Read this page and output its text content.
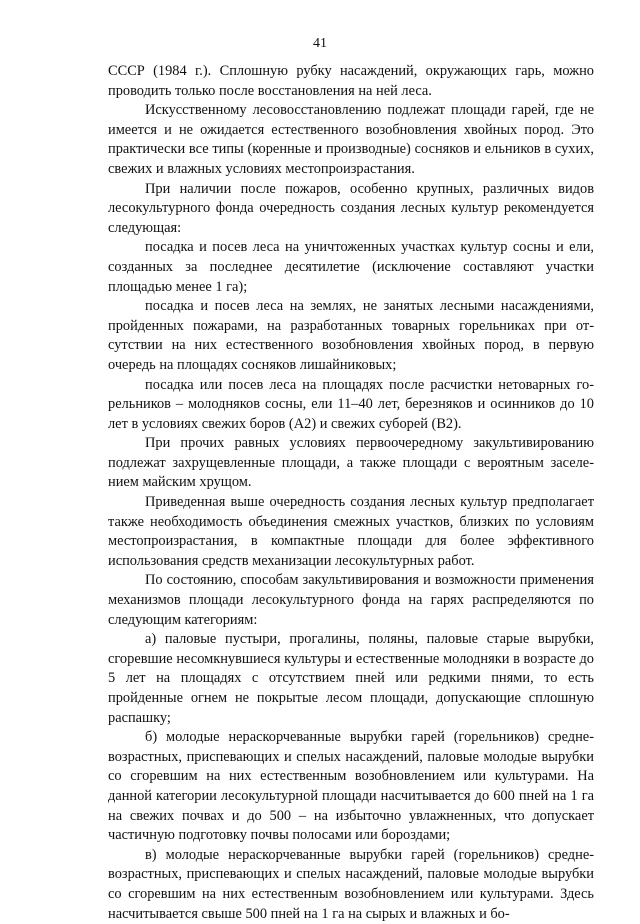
41

СССР (1984 г.). Сплошную рубку насаждений, окружающих гарь, можно проводить только после восстановления на ней леса.

Искусственному лесовосстановлению подлежат площади гарей, где не имеется и не ожидается естественного возобновления хвойных пород. Это практически все типы (коренные и производные) сосняков и ельников в сухих, свежих и влажных условиях местопроизрастания.

При наличии после пожаров, особенно крупных, различных видов лесокультурного фонда очередность создания лесных культур рекомендуется следующая:

посадка и посев леса на уничтоженных участках культур сосны и ели, созданных за последнее десятилетие (исключение составляют участки площадью менее 1 га);

посадка и посев леса на землях, не занятых лесными насаждениями, пройденных пожарами, на разработанных товарных горельниках при отсутствии на них естественного возобновления хвойных пород, в первую очередь на площадях сосняков лишайниковых;

посадка или посев леса на площадях после расчистки нетоварных горельников – молодняков сосны, ели 11–40 лет, березняков и осинников до 10 лет в условиях свежих боров (А2) и свежих суборей (В2).

При прочих равных условиях первоочередному закультивированию подлежат захрущевленные площади, а также площади с вероятным заселением майским хрущом.

Приведенная выше очередность создания лесных культур предполагает также необходимость объединения смежных участков, близких по условиям местопроизрастания, в компактные площади для более эффективного использования средств механизации лесокультурных работ.

По состоянию, способам закультивирования и возможности применения механизмов площади лесокультурного фонда на гарях распределяются по следующим категориям:

а) паловые пустыри, прогалины, поляны, паловые старые вырубки, сгоревшие несомкнувшиеся культуры и естественные молодняки в возрасте до 5 лет на площадях с отсутствием пней или редкими пнями, то есть пройденные огнем не покрытые лесом площади, допускающие сплошную распашку;

б) молодые нераскорчеванные вырубки гарей (горельников) средневозрастных, приспевающих и спелых насаждений, паловые молодые вырубки со сгоревшим на них естественным возобновлением или культурами. На данной категории лесокультурной площади насчитывается до 600 пней на 1 га на свежих почвах и до 500 – на избыточно увлажненных, что допускает частичную подготовку почвы полосами или бороздами;

в) молодые нераскорчеванные вырубки гарей (горельников) средневозрастных, приспевающих и спелых насаждений, паловые молодые вырубки со сгоревшим на них естественным возобновлением или культурами. Здесь насчитывается свыше 500 пней на 1 га на сырых и влажных и бо-
